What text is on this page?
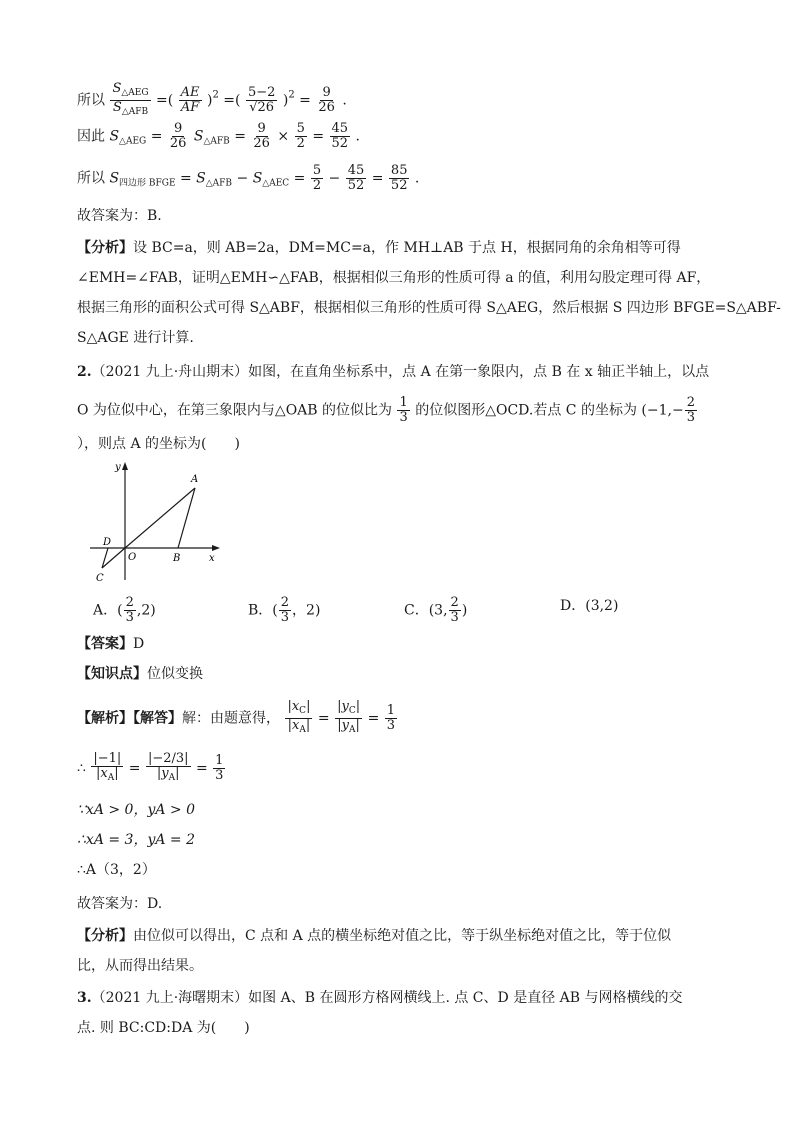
所以 $\frac{S_{\triangle AEG}}{S_{\triangle AFB}}$ =( $\frac{AE}{AF} )^2$ =( $\frac{5-2}{√26} )^2 = \frac{9}{26}$ .
因此 $S_{\triangle AEG} = \frac{9}{26} S_{\triangle AFB} = \frac{9}{26} \times \frac{5}{2} = \frac{45}{52}$ .
所以 $S_{四边形 BFGE} = S_{\triangle AFB} - S_{\triangle AEC} = \frac{5}{2} - \frac{45}{52} = \frac{85}{52}$ .
故答案为：B.
【分析】设 BC=a，则 AB=2a，DM=MC=a，作 MH⊥AB 于点 H，根据同角的余角相等可得
∠EMH=∠FAB，证明△EMH∽△FAB，根据相似三角形的性质可得 a 的值，利用勾股定理可得 AF，
根据三角形的面积公式可得 S△ABF，根据相似三角形的性质可得 S△AEG，然后根据 S 四边形 BFGE=S△ABF-
S△AGE 进行计算.
2.（2021 九上·舟山期末）如图，在直角坐标系中，点 A 在第一象限内，点 B 在 x 轴正半轴上，以点
O 为位似中心，在第三象限内与△OAB 的位似比为 $\frac{1}{3}$ 的位似图形△OCD.若点 C 的坐标为 ($-1,- \frac{2}{3}$
），则点 A 的坐标为(　　)
y
A
D
O	B	x
C
A．( $\frac{2}{3} ,2$)	B．( $\frac{2}{3}$ ，2)	C．(3, $\frac{2}{3}$ )	D．(3,2)
【答案】D
【知识点】位似变换
【解析】【解答】解：由题意得， $\frac{|x_C|}{|x_A|} = \frac{|y_C|}{|y_A|} = \frac{1}{3}$
∴ $\frac{|-1|}{|x_A|} = \frac{|-2/3|}{|y_A|} = \frac{1}{3}$
∵xA > 0，yA > 0
∴xA = 3，yA = 2
∴A（3，2）
故答案为：D.
【分析】由位似可以得出，C 点和 A 点的横坐标绝对值之比，等于纵坐标绝对值之比，等于位似
比，从而得出结果。
3.（2021 九上·海曙期末）如图 A、B 在圆形方格网横线上. 点 C、D 是直径 AB 与网格横线的交
点. 则 BC:CD:DA 为(　　)
